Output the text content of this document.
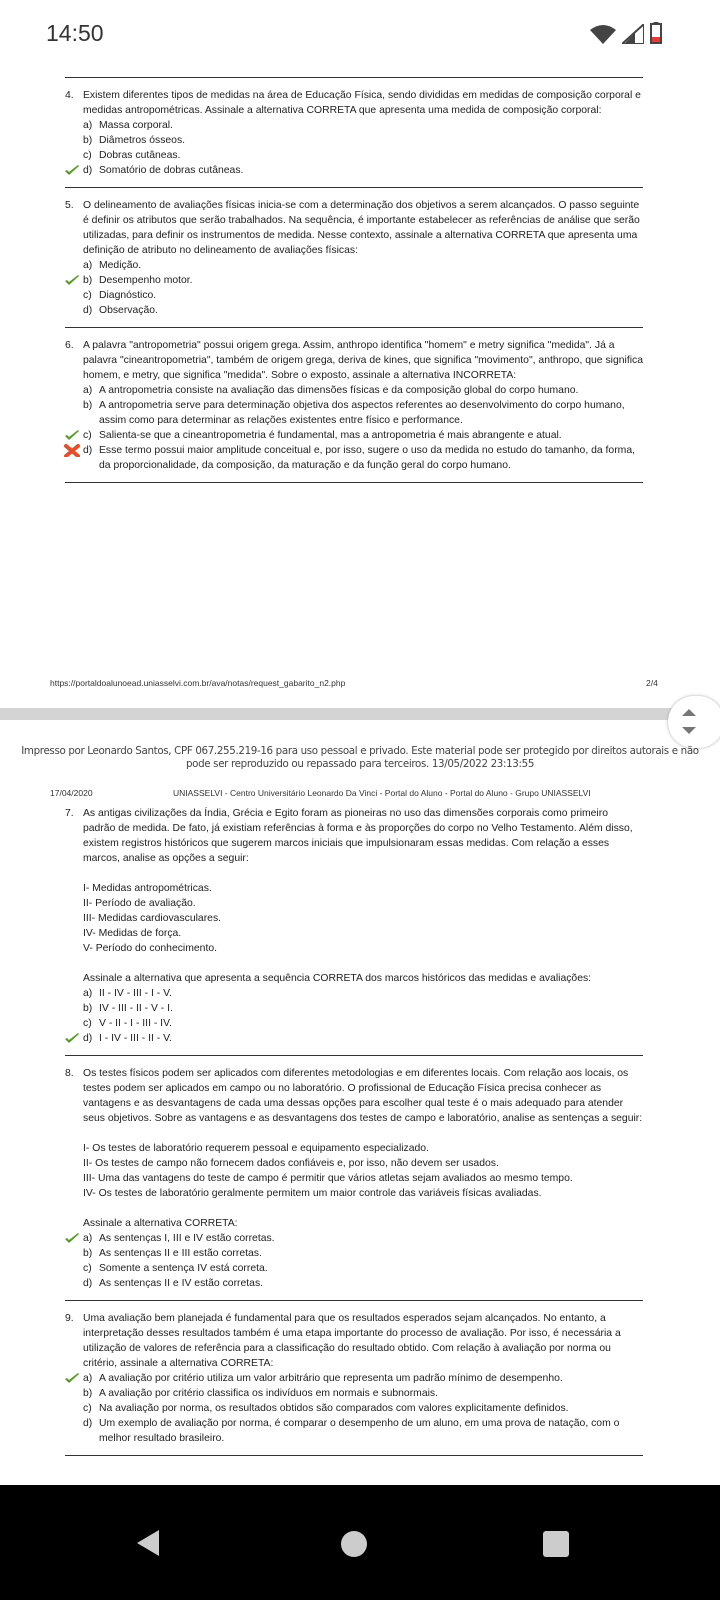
14:50
4. Existem diferentes tipos de medidas na área de Educação Física, sendo divididas em medidas de composição corporal e medidas antropométricas. Assinale a alternativa CORRETA que apresenta uma medida de composição corporal:
a) Massa corporal.
b) Diâmetros ósseos.
c) Dobras cutâneas.
d) Somatório de dobras cutâneas.
5. O delineamento de avaliações físicas inicia-se com a determinação dos objetivos a serem alcançados. O passo seguinte é definir os atributos que serão trabalhados. Na sequência, é importante estabelecer as referências de análise que serão utilizadas, para definir os instrumentos de medida. Nesse contexto, assinale a alternativa CORRETA que apresenta uma definição de atributo no delineamento de avaliações físicas:
a) Medição.
b) Desempenho motor.
c) Diagnóstico.
d) Observação.
6. A palavra "antropometria" possui origem grega. Assim, anthropo identifica "homem" e metry significa "medida". Já a palavra "cineantropometria", também de origem grega, deriva de kines, que significa "movimento", anthropo, que significa homem, e metry, que significa "medida". Sobre o exposto, assinale a alternativa INCORRETA:
a) A antropometria consiste na avaliação das dimensões físicas e da composição global do corpo humano.
b) A antropometria serve para determinação objetiva dos aspectos referentes ao desenvolvimento do corpo humano, assim como para determinar as relações existentes entre físico e performance.
c) Salienta-se que a cineantropometria é fundamental, mas a antropometria é mais abrangente e atual.
d) Esse termo possui maior amplitude conceitual e, por isso, sugere o uso da medida no estudo do tamanho, da forma, da proporcionalidade, da composição, da maturação e da função geral do corpo humano.
https://portaldoalunoead.uniasselvi.com.br/ava/notas/request_gabarito_n2.php	2/4
Impresso por Leonardo Santos, CPF 067.255.219-16 para uso pessoal e privado. Este material pode ser protegido por direitos autorais e não pode ser reproduzido ou repassado para terceiros. 13/05/2022 23:13:55
17/04/2020	UNIASSELVI - Centro Universitário Leonardo Da Vinci - Portal do Aluno - Portal do Aluno - Grupo UNIASSELVI
7. As antigas civilizações da Índia, Grécia e Egito foram as pioneiras no uso das dimensões corporais como primeiro padrão de medida. De fato, já existiam referências à forma e às proporções do corpo no Velho Testamento. Além disso, existem registros históricos que sugerem marcos iniciais que impulsionaram essas medidas. Com relação a esses marcos, analise as opções a seguir:
I- Medidas antropométricas.
II- Período de avaliação.
III- Medidas cardiovasculares.
IV- Medidas de força.
V- Período do conhecimento.
Assinale a alternativa que apresenta a sequência CORRETA dos marcos históricos das medidas e avaliações:
a) II - IV - III - I - V.
b) IV - III - II - V - I.
c) V - II - I - III - IV.
d) I - IV - III - II - V.
8. Os testes físicos podem ser aplicados com diferentes metodologias e em diferentes locais. Com relação aos locais, os testes podem ser aplicados em campo ou no laboratório. O profissional de Educação Física precisa conhecer as vantagens e as desvantagens de cada uma dessas opções para escolher qual teste é o mais adequado para atender seus objetivos. Sobre as vantagens e as desvantagens dos testes de campo e laboratório, analise as sentenças a seguir:
I- Os testes de laboratório requerem pessoal e equipamento especializado.
II- Os testes de campo não fornecem dados confiáveis e, por isso, não devem ser usados.
III- Uma das vantagens do teste de campo é permitir que vários atletas sejam avaliados ao mesmo tempo.
IV- Os testes de laboratório geralmente permitem um maior controle das variáveis físicas avaliadas.
Assinale a alternativa CORRETA:
a) As sentenças I, III e IV estão corretas.
b) As sentenças II e III estão corretas.
c) Somente a sentença IV está correta.
d) As sentenças II e IV estão corretas.
9. Uma avaliação bem planejada é fundamental para que os resultados esperados sejam alcançados. No entanto, a interpretação desses resultados também é uma etapa importante do processo de avaliação. Por isso, é necessária a utilização de valores de referência para a classificação do resultado obtido. Com relação à avaliação por norma ou critério, assinale a alternativa CORRETA:
a) A avaliação por critério utiliza um valor arbitrário que representa um padrão mínimo de desempenho.
b) A avaliação por critério classifica os indivíduos em normais e subnormais.
c) Na avaliação por norma, os resultados obtidos são comparados com valores explicitamente definidos.
d) Um exemplo de avaliação por norma, é comparar o desempenho de um aluno, em uma prova de natação, com o melhor resultado brasileiro.
